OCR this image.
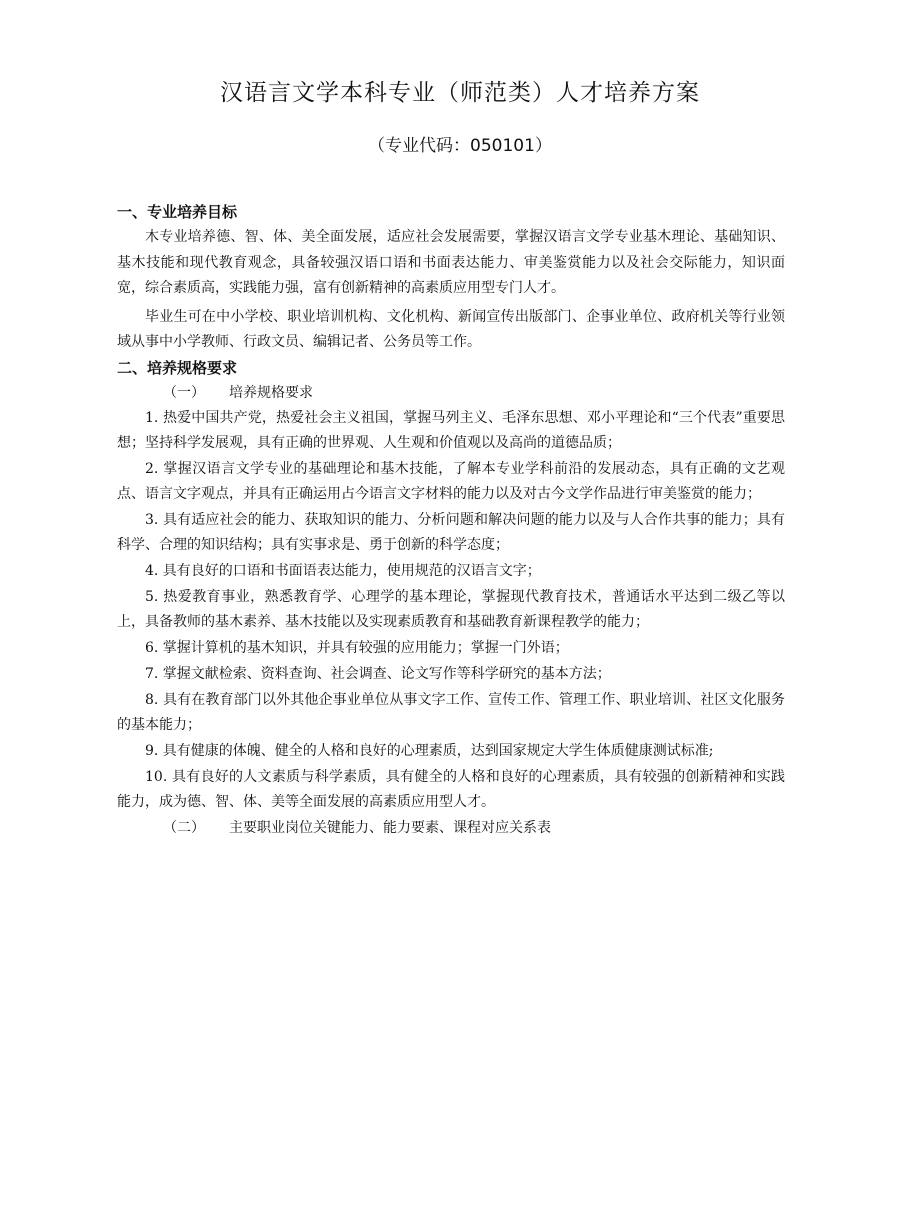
汉语言文学本科专业（师范类）人才培养方案

（专业代码：050101）

一、专业培养目标

木专业培养德、智、体、美全面发展，适应社会发展需要，掌握汉语言文学专业基木理论、基础知识、基木技能和现代教育观念，具备较强汉语口语和书面表达能力、审美鉴赏能力以及社会交际能力，知识面宽，综合素质高，实践能力强，富有创新精神的高素质应用型专门人才。

毕业生可在中小学校、职业培训机构、文化机构、新闻宣传出版部门、企事业单位、政府机关等行业领域从事中小学教师、行政文员、编辑记者、公务员等工作。

二、培养规格要求

（一） 培养规格要求

1. 热爱中国共产党，热爱社会主义祖国，掌握马列主义、毛泽东思想、邓小平理论和“三个代表”重要思想；坚持科学发展观，具有正确的世界观、人生观和价值观以及高尚的道德品质；

2. 掌握汉语言文学专业的基础理论和基木技能，了解本专业学科前沿的发展动态，具有正确的文艺观点、语言文字观点，并具有正确运用占今语言文字材料的能力以及对古今文学作品进行审美鉴赏的能力；

3. 具有适应社会的能力、获取知识的能力、分析问题和解决问题的能力以及与人合作共事的能力；具有科学、合理的知识结构；具有实事求是、勇于创新的科学态度；

4. 具有良好的口语和书面语表达能力，使用规范的汉语言文字；

5. 热爱教育事业，熟悉教育学、心理学的基本理论，掌握现代教育技术，普通话水平达到二级乙等以上，具备教师的基木素养、基木技能以及实现素质教育和基础教育新课程教学的能力；

6. 掌握计算机的基木知识，并具有较强的应用能力；掌握一门外语；

7. 掌握文献检索、资料查询、社会调查、论文写作等科学研究的基本方法；

8. 具有在教育部门以外其他企事业单位从事文字工作、宣传工作、管理工作、职业培训、社区文化服务的基本能力；

9. 具有健康的体魄、健全的人格和良好的心理素质，达到国家规定大学生体质健康测试标准;

10. 具有良好的人文素质与科学素质，具有健全的人格和良好的心理素质，具有较强的创新精神和实践能力，成为德、智、体、美等全面发展的高素质应用型人才。

（二） 主要职业岗位关键能力、能力要素、课程对应关系表
